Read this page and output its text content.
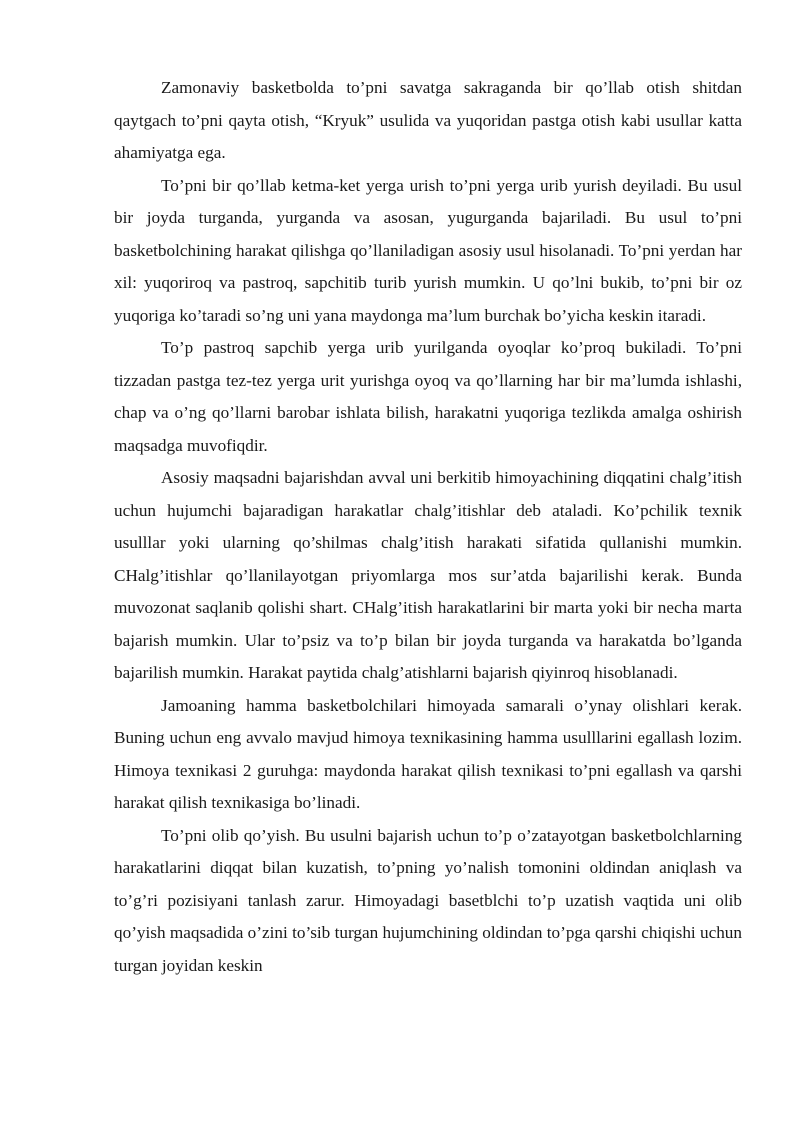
Zamonaviy basketbolda to’pni savatga sakraganda bir qo’llab otish shitdan qaytgach to’pni qayta otish, “Kryuk” usulida va yuqoridan pastga otish kabi usullar katta ahamiyatga ega.

To’pni bir qo’llab ketma-ket yerga urish to’pni yerga urib yurish deyiladi. Bu usul bir joyda turganda, yurganda va asosan, yugurganda bajariladi. Bu usul to’pni basketbolchining harakat qilishga qo’llaniladigan asosiy usul hisolanadi. To’pni yerdan har xil: yuqoriroq va pastroq, sapchitib turib yurish mumkin. U qo’lni bukib, to’pni bir oz yuqoriga ko’taradi so’ng uni yana maydonga ma’lum burchak bo’yicha keskin itaradi.

To’p pastroq sapchib yerga urib yurilganda oyoqlar ko’proq bukiladi. To’pni tizzadan pastga tez-tez yerga urit yurishga oyoq va qo’llarning har bir ma’lumda ishlashi, chap va o’ng qo’llarni barobar ishlata bilish, harakatni yuqoriga tezlikda amalga oshirish maqsadga muvofiqdir.

Asosiy maqsadni bajarishdan avval uni berkitib himoyachining diqqatini chalg’itish uchun hujumchi bajaradigan harakatlar chalg’itishlar deb ataladi. Ko’pchilik texnik usulllar yoki ularning qo’shilmas chalg’itish harakati sifatida qullanishi mumkin. CHalg’itishlar qo’llanilayotgan priyomlarga mos sur’atda bajarilishi kerak. Bunda muvozonat saqlanib qolishi shart. CHalg’itish harakatlarini bir marta yoki bir necha marta bajarish mumkin. Ular to’psiz va to’p bilan bir joyda turganda va harakatda bo’lganda bajarilish mumkin. Harakat paytida chalg’atishlarni bajarish qiyinroq hisoblanadi.

Jamoaning hamma basketbolchilari himoyada samarali o’ynay olishlari kerak. Buning uchun eng avvalo mavjud himoya texnikasining hamma usulllarini egallash lozim. Himoya texnikasi 2 guruhga: maydonda harakat qilish texnikasi to’pni egallash va qarshi harakat qilish texnikasiga bo’linadi.

To’pni olib qo’yish. Bu usulni bajarish uchun to’p o’zatayotgan basketbolchlarning harakatlarini diqqat bilan kuzatish, to’pning yo’nalish tomonini oldindan aniqlash va to’g’ri pozisiyani tanlash zarur. Himoyadagi basetblchi to’p uzatish vaqtida uni olib qo’yish maqsadida o’zini to’sib turgan hujumchining oldindan to’pga qarshi chiqishi uchun turgan joyidan keskin
